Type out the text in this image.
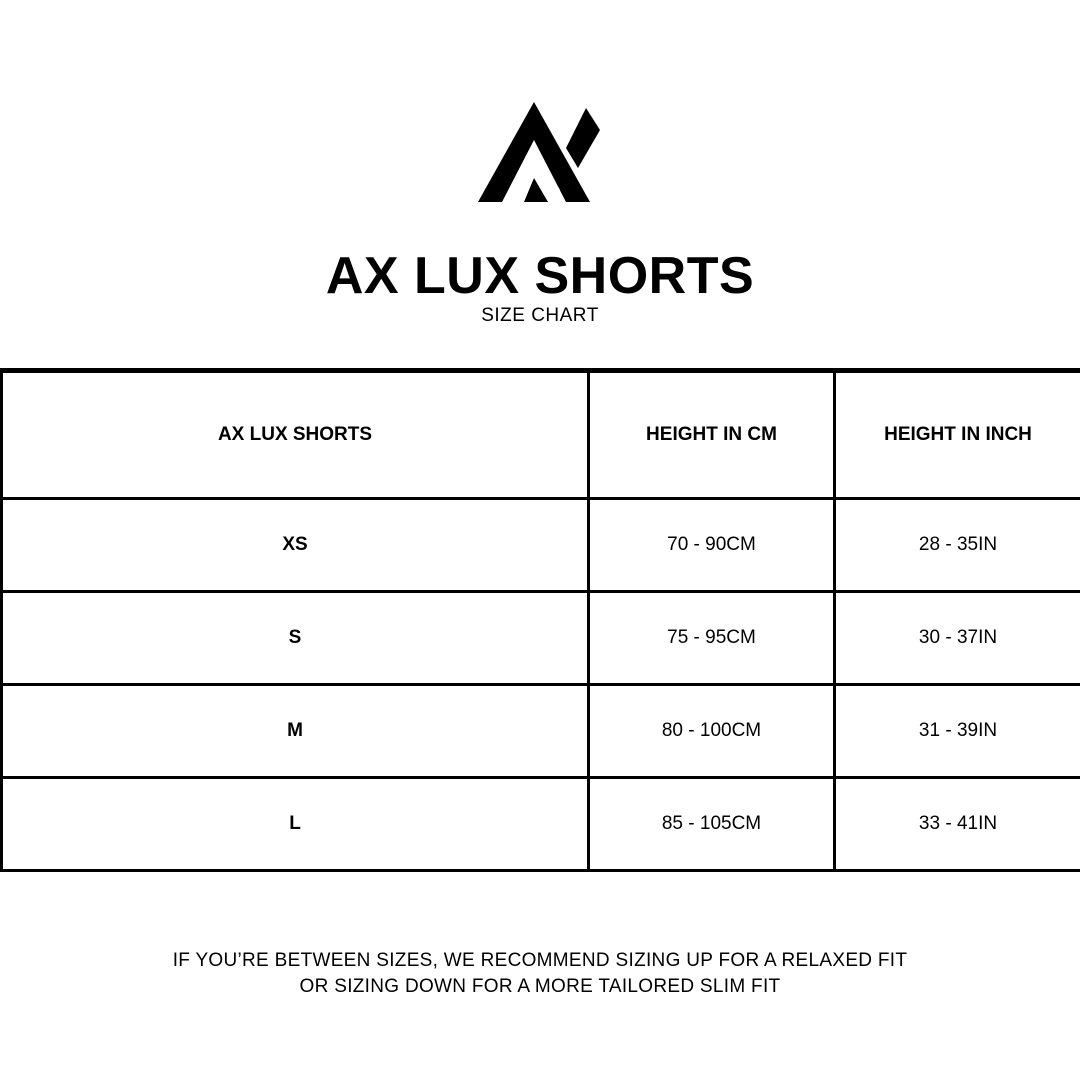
AX LUX SHORTS
SIZE CHART
AX LUX SHORTS	HEIGHT IN CM	HEIGHT IN INCH
XS	70 - 90CM	28 - 35IN
S	75 - 95CM	30 - 37IN
M	80 - 100CM	31 - 39IN
L	85 - 105CM	33 - 41IN
IF YOU’RE BETWEEN SIZES, WE RECOMMEND SIZING UP FOR A RELAXED FIT
OR SIZING DOWN FOR A MORE TAILORED SLIM FIT
